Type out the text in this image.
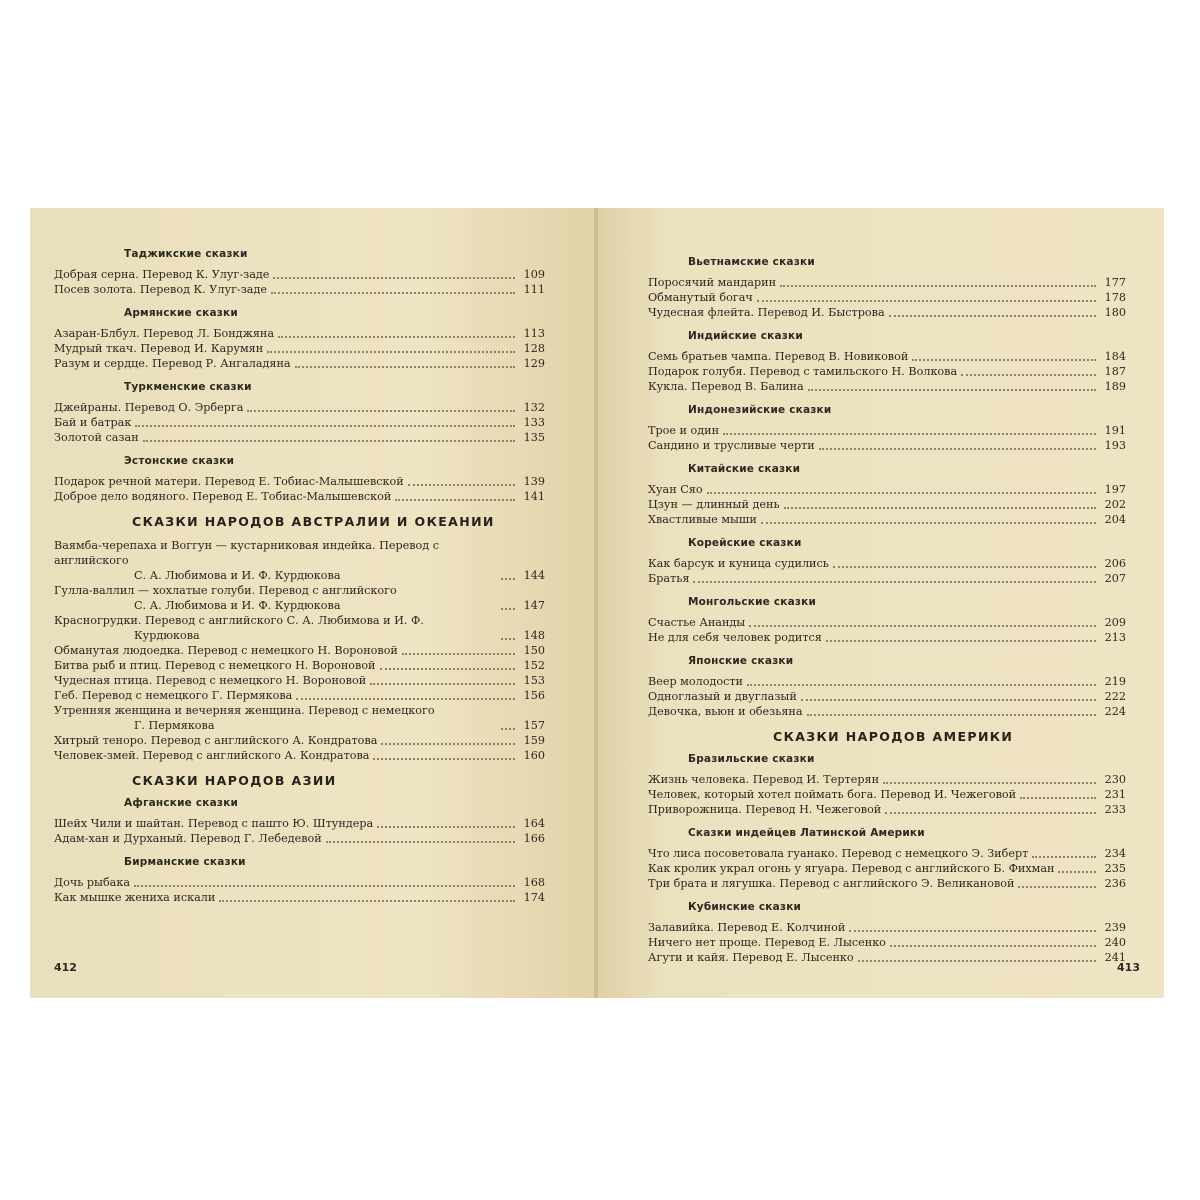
Таджикские сказки
Добрая серна. Перевод К. Улуг-заде	109
Посев золота. Перевод К. Улуг-заде	111
Армянские сказки
Азаран-Блбул. Перевод Л. Бонджяна	113
Мудрый ткач. Перевод И. Карумян	128
Разум и сердце. Перевод Р. Ангаладяна	129
Туркменские сказки
Джейраны. Перевод О. Эрберга	132
Бай и батрак	133
Золотой сазан	135
Эстонские сказки
Подарок речной матери. Перевод Е. Тобиас-Малышевской	139
Доброе дело водяного. Перевод Е. Тобиас-Малышевской	141
СКАЗКИ НАРОДОВ АВСТРАЛИИ И ОКЕАНИИ
Ваямба-черепаха и Воггун — кустарниковая индейка. Перевод с английского
С. А. Любимова и И. Ф. Курдюкова	144
Гулла-валлил — хохлатые голуби. Перевод с английского
С. А. Любимова и И. Ф. Курдюкова	147
Красногрудки. Перевод с английского С. А. Любимова и И. Ф.
Курдюкова	148
Обманутая людоедка. Перевод с немецкого Н. Вороновой	150
Битва рыб и птиц. Перевод с немецкого Н. Вороновой	152
Чудесная птица. Перевод с немецкого Н. Вороновой	153
Геб. Перевод с немецкого Г. Пермякова	156
Утренняя женщина и вечерняя женщина. Перевод с немецкого
Г. Пермякова	157
Хитрый теноро. Перевод с английского А. Кондратова	159
Человек-змей. Перевод с английского А. Кондратова	160
СКАЗКИ НАРОДОВ АЗИИ
Афганские сказки
Шейх Чили и шайтан. Перевод с пашто Ю. Штундера	164
Адам-хан и Дурханый. Перевод Г. Лебедевой	166
Бирманские сказки
Дочь рыбака	168
Как мышке жениха искали	174
412
Вьетнамские сказки
Поросячий мандарин	177
Обманутый богач	178
Чудесная флейта. Перевод И. Быстрова	180
Индийские сказки
Семь братьев чампа. Перевод В. Новиковой	184
Подарок голубя. Перевод с тамильского Н. Волкова	187
Кукла. Перевод В. Балина	189
Индонезийские сказки
Трое и один	191
Сандино и трусливые черти	193
Китайские сказки
Хуан Сяо	197
Цзун — длинный день	202
Хвастливые мыши	204
Корейские сказки
Как барсук и куница судились	206
Братья	207
Монгольские сказки
Счастье Ананды	209
Не для себя человек родится	213
Японские сказки
Веер молодости	219
Одноглазый и двуглазый	222
Девочка, вьюн и обезьяна	224
СКАЗКИ НАРОДОВ АМЕРИКИ
Бразильские сказки
Жизнь человека. Перевод И. Тертерян	230
Человек, который хотел поймать бога. Перевод И. Чежеговой	231
Привoрoжница. Перевод Н. Чежеговой	233
Сказки индейцев Латинской Америки
Что лиса посоветовала гуанако. Перевод с немецкого Э. Зиберт	234
Как кролик украл огонь у ягуара. Перевод с английского Б. Фихман	235
Три брата и лягушка. Перевод с английского Э. Великановой	236
Кубинские сказки
Залавийка. Перевод Е. Колчиной	239
Ничего нет проще. Перевод Е. Лысенко	240
Агути и кайя. Перевод Е. Лысенко	241
413
